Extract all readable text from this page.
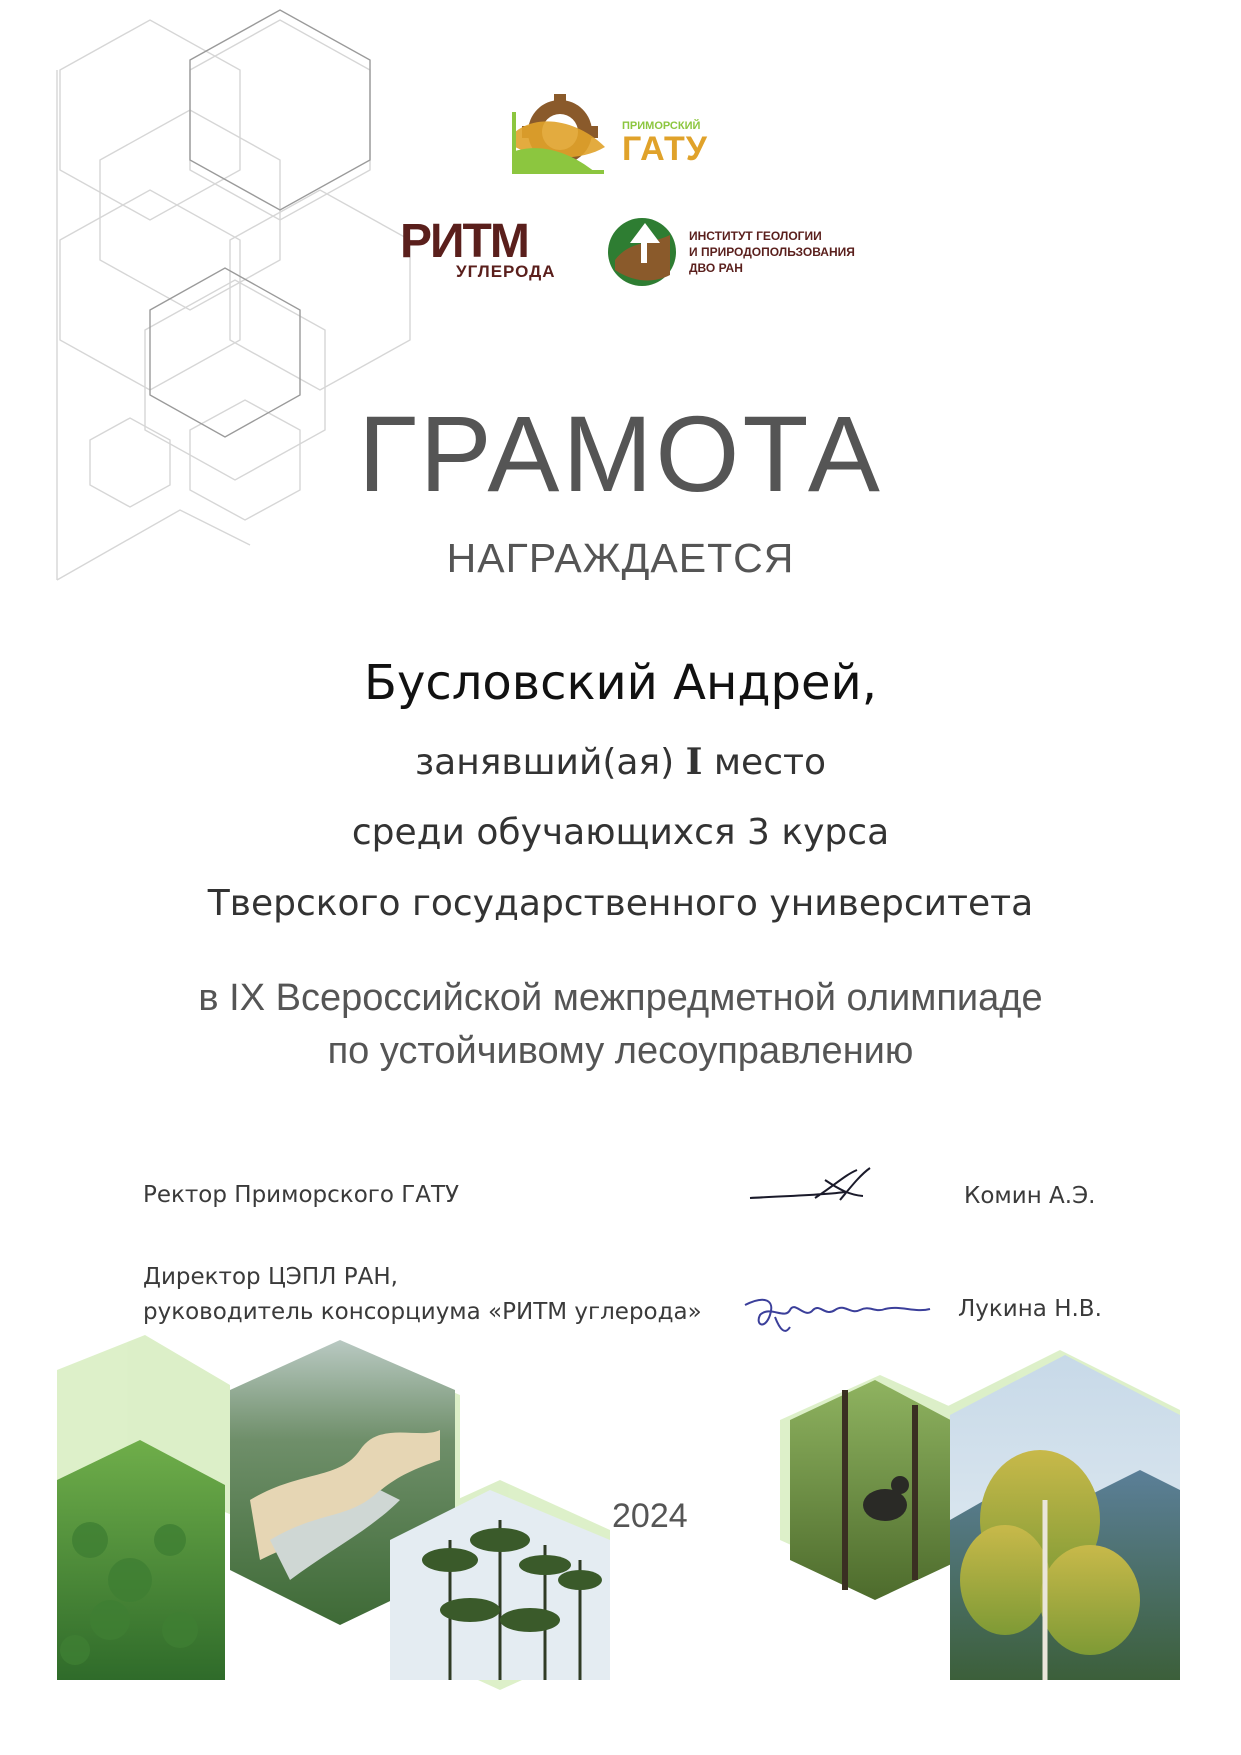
ПРИМОРСКИЙ
ГАТУ
РИТМ
УГЛЕРОДА
ИНСТИТУТ ГЕОЛОГИИ
И ПРИРОДОПОЛЬЗОВАНИЯ
ДВО РАН
ГРАМОТА
НАГРАЖДАЕТСЯ
Бусловский Андрей,
занявший(ая) I место
среди обучающихся 3 курса
Тверского государственного университета
в IX Всероссийской межпредметной олимпиаде
по устойчивому лесоуправлению
Ректор Приморского ГАТУ	Комин А.Э.
Директор ЦЭПЛ РАН,
руководитель консорциума «РИТМ углерода»	Лукина Н.В.
2024
